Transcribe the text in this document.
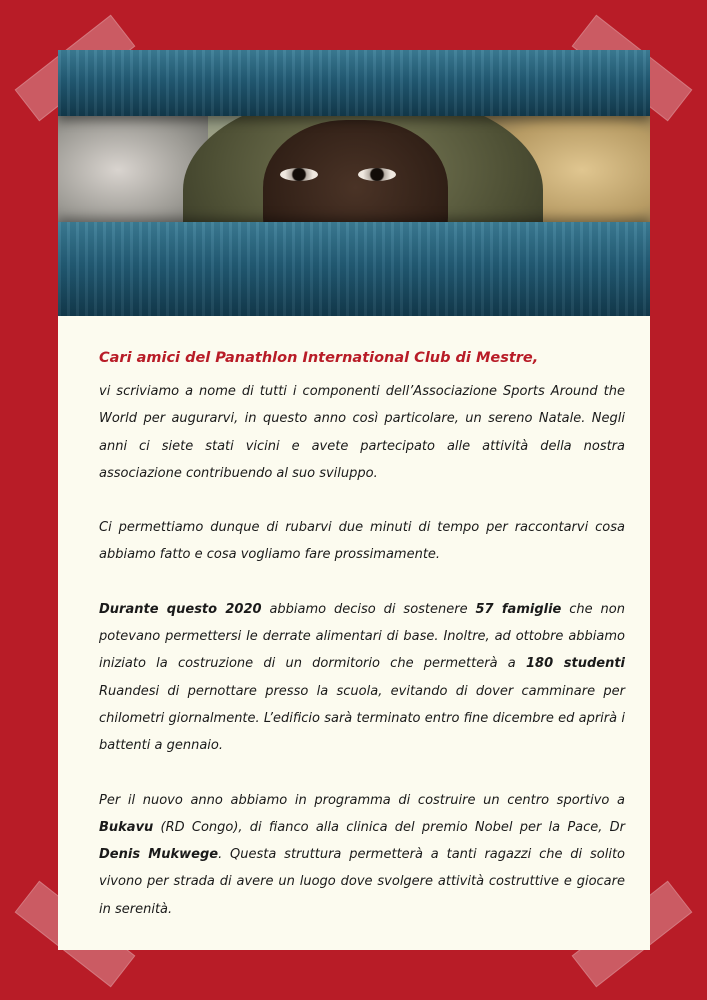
Cari amici del Panathlon International Club di Mestre,

vi scriviamo a nome di tutti i componenti dell’Associazione Sports Around the World per augurarvi, in questo anno così particolare, un sereno Natale. Negli anni ci siete stati vicini e avete partecipato alle attività della nostra associazione contribuendo al suo sviluppo.

Ci permettiamo dunque di rubarvi due minuti di tempo per raccontarvi cosa abbiamo fatto e cosa vogliamo fare prossimamente.

Durante questo 2020 abbiamo deciso di sostenere 57 famiglie che non potevano permettersi le derrate alimentari di base. Inoltre, ad ottobre abbiamo iniziato la costruzione di un dormitorio che permetterà a 180 studenti Ruandesi di pernottare presso la scuola, evitando di dover camminare per chilometri giornalmente. L’edificio sarà terminato entro fine dicembre ed aprirà i battenti a gennaio.

Per il nuovo anno abbiamo in programma di costruire un centro sportivo a Bukavu (RD Congo), di fianco alla clinica del premio Nobel per la Pace, Dr Denis Mukwege. Questa struttura permetterà a tanti ragazzi che di solito vivono per strada di avere un luogo dove svolgere attività costruttive e giocare in serenità.
